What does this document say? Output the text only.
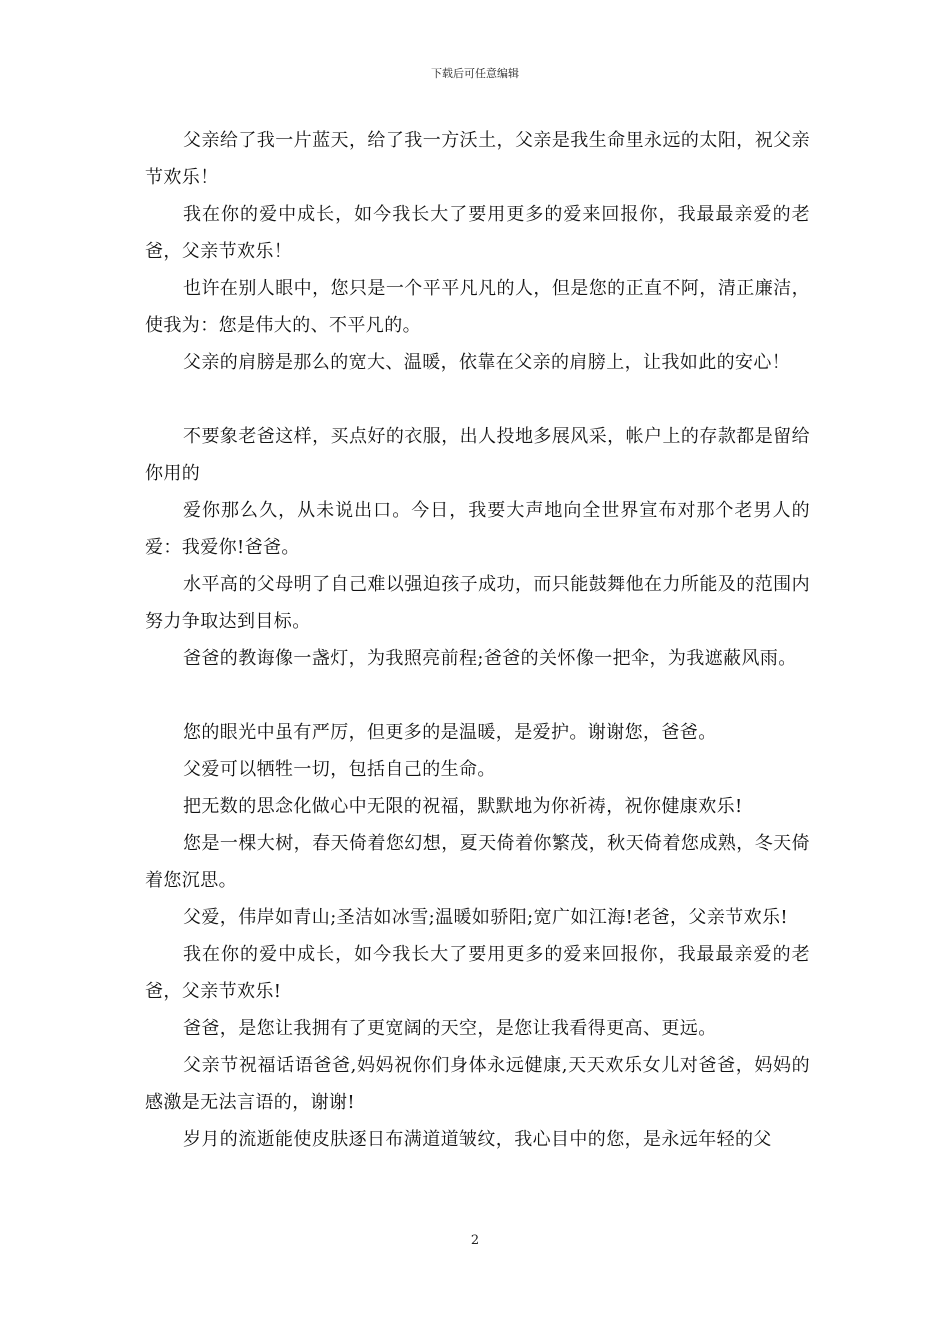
下载后可任意编辑

父亲给了我一片蓝天，给了我一方沃土，父亲是我生命里永远的太阳，祝父亲节欢乐！

我在你的爱中成长，如今我长大了要用更多的爱来回报你，我最最亲爱的老爸，父亲节欢乐！

也许在别人眼中，您只是一个平平凡凡的人，但是您的正直不阿，清正廉洁，使我为：您是伟大的、不平凡的。

父亲的肩膀是那么的宽大、温暖，依靠在父亲的肩膀上，让我如此的安心！

不要象老爸这样，买点好的衣服，出人投地多展风采，帐户上的存款都是留给你用的

爱你那么久，从未说出口。今日，我要大声地向全世界宣布对那个老男人的爱：我爱你!爸爸。

水平高的父母明了自己难以强迫孩子成功，而只能鼓舞他在力所能及的范围内努力争取达到目标。

爸爸的教诲像一盏灯，为我照亮前程;爸爸的关怀像一把伞，为我遮蔽风雨。

您的眼光中虽有严厉，但更多的是温暖，是爱护。谢谢您，爸爸。

父爱可以牺牲一切，包括自己的生命。

把无数的思念化做心中无限的祝福，默默地为你祈祷，祝你健康欢乐!

您是一棵大树，春天倚着您幻想，夏天倚着你繁茂，秋天倚着您成熟，冬天倚着您沉思。

父爱，伟岸如青山;圣洁如冰雪;温暖如骄阳;宽广如江海!老爸，父亲节欢乐!

我在你的爱中成长，如今我长大了要用更多的爱来回报你，我最最亲爱的老爸，父亲节欢乐!

爸爸，是您让我拥有了更宽阔的天空，是您让我看得更高、更远。

父亲节祝福话语爸爸,妈妈祝你们身体永远健康,天天欢乐女儿对爸爸，妈妈的感激是无法言语的，谢谢!

岁月的流逝能使皮肤逐日布满道道皱纹，我心目中的您，是永远年轻的父

2
